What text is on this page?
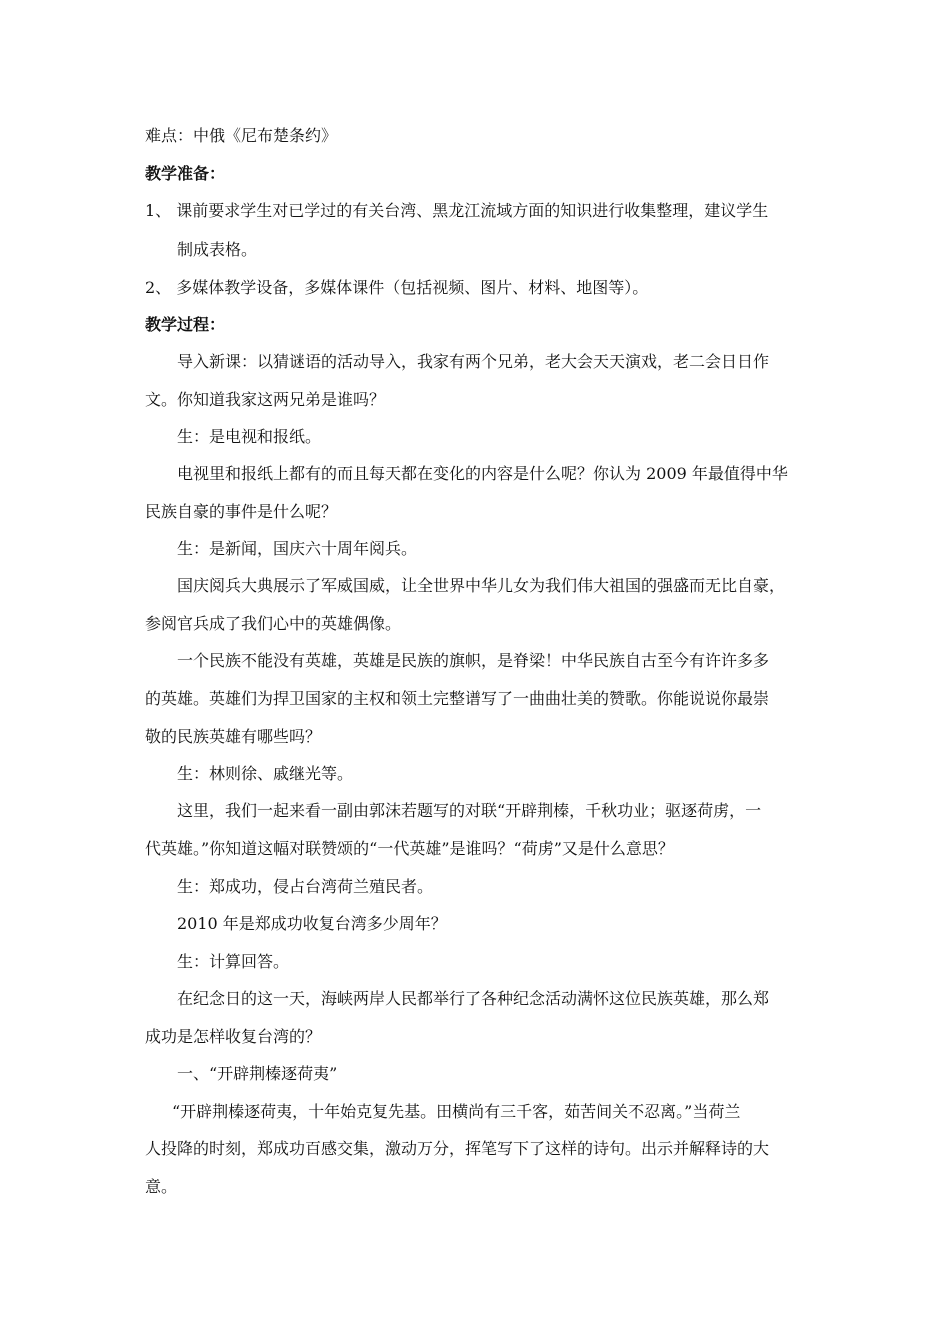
难点：中俄《尼布楚条约》
教学准备：
1、 课前要求学生对已学过的有关台湾、黑龙江流域方面的知识进行收集整理，建议学生
制成表格。
2、 多媒体教学设备，多媒体课件（包括视频、图片、材料、地图等）。
教学过程：
导入新课：以猜谜语的活动导入，我家有两个兄弟，老大会天天演戏，老二会日日作
文。你知道我家这两兄弟是谁吗？
生：是电视和报纸。
电视里和报纸上都有的而且每天都在变化的内容是什么呢？你认为 2009 年最值得中华
民族自豪的事件是什么呢？
生：是新闻，国庆六十周年阅兵。
国庆阅兵大典展示了军威国威，让全世界中华儿女为我们伟大祖国的强盛而无比自豪，
参阅官兵成了我们心中的英雄偶像。
一个民族不能没有英雄，英雄是民族的旗帜，是脊梁！中华民族自古至今有许许多多
的英雄。英雄们为捍卫国家的主权和领土完整谱写了一曲曲壮美的赞歌。你能说说你最崇
敬的民族英雄有哪些吗？
生：林则徐、戚继光等。
这里，我们一起来看一副由郭沫若题写的对联“开辟荆榛，千秋功业；驱逐荷虏，一
代英雄。”你知道这幅对联赞颂的“一代英雄”是谁吗？“荷虏”又是什么意思？
生：郑成功，侵占台湾荷兰殖民者。
2010 年是郑成功收复台湾多少周年？
生：计算回答。
在纪念日的这一天，海峡两岸人民都举行了各种纪念活动满怀这位民族英雄，那么郑
成功是怎样收复台湾的？
一、“开辟荆榛逐荷夷”
“开辟荆榛逐荷夷，十年始克复先基。田横尚有三千客，茹苦间关不忍离。”当荷兰
人投降的时刻，郑成功百感交集，激动万分，挥笔写下了这样的诗句。出示并解释诗的大
意。
